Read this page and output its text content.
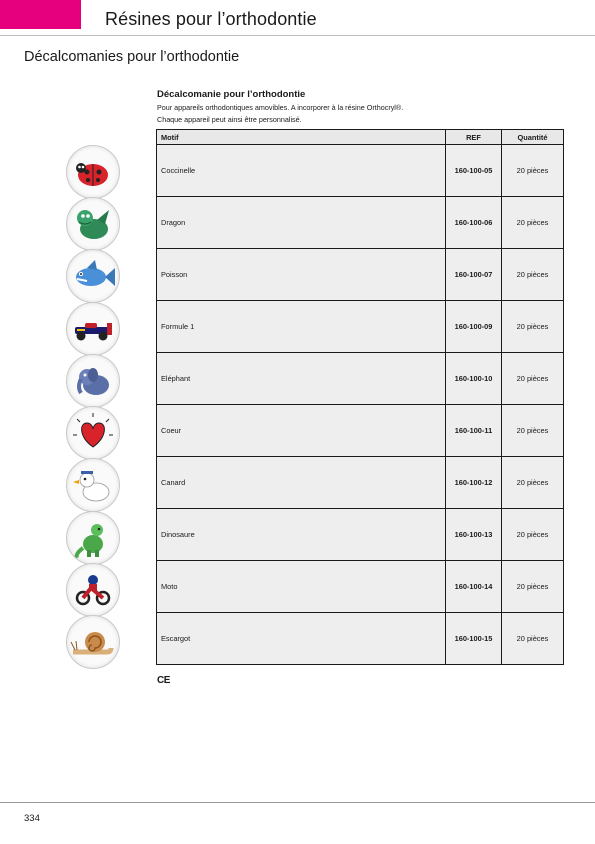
Résines pour l’orthodontie
Décalcomanies pour l’orthodontie
Décalcomanie pour l’orthodontie
Pour appareils orthodontiques amovibles. A incorporer à la résine Orthocryl®.
Chaque appareil peut ainsi être personnalisé.
Motif	REF	Quantité
Coccinelle	160-100-05	20 pièces
Dragon	160-100-06	20 pièces
Poisson	160-100-07	20 pièces
Formule 1	160-100-09	20 pièces
Eléphant	160-100-10	20 pièces
Coeur	160-100-11	20 pièces
Canard	160-100-12	20 pièces
Dinosaure	160-100-13	20 pièces
Moto	160-100-14	20 pièces
Escargot	160-100-15	20 pièces
CE
334
